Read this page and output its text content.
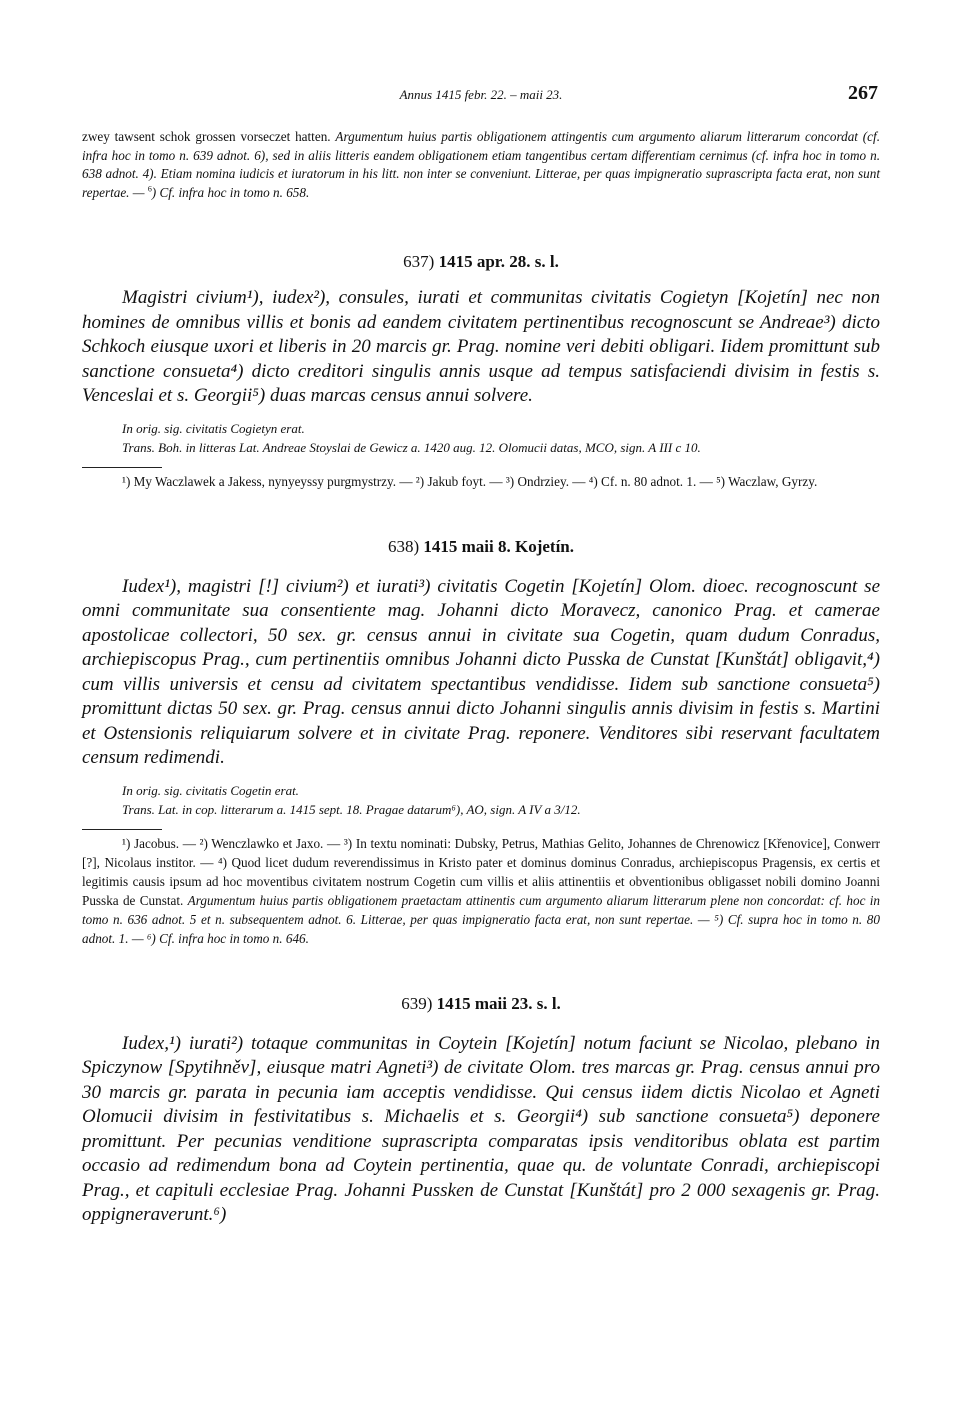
Annus 1415 febr. 22. – maii 23.	267

zwey tawsent schok grossen vorseczet hatten. Argumentum huius partis obligationem attingentis cum argumento aliarum litterarum concordat (cf. infra hoc in tomo n. 639 adnot. 6), sed in aliis litteris eandem obligationem etiam tangentibus certam differentiam cernimus (cf. infra hoc in tomo n. 638 adnot. 4). Etiam nomina iudicis et iuratorum in his litt. non inter se conveniunt. Litterae, per quas impigneratio suprascripta facta erat, non sunt repertae. — $^6$) Cf. infra hoc in tomo n. 658.

637) 1415 apr. 28. s. l.

Magistri civium¹), iudex²), consules, iurati et communitas civitatis Cogietyn [Kojetín] nec non homines de omnibus villis et bonis ad eandem civitatem pertinentibus recognoscunt se Andreae³) dicto Schkoch eiusque uxori et liberis in 20 marcis gr. Prag. nomine veri debiti obligari. Iidem promittunt sub sanctione consueta⁴) dicto creditori singulis annis usque ad tempus satisfaciendi divisim in festis s. Venceslai et s. Georgii⁵) duas marcas census annui solvere.

In orig. sig. civitatis Cogietyn erat.

Trans. Boh. in litteras Lat. Andreae Stoyslai de Gewicz a. 1420 aug. 12. Olomucii datas, MCO, sign. A III c 10.

¹) My Waczlawek a Jakess, nynyeyssy purgmystrzy. — ²) Jakub foyt. — ³) Ondrziey. — ⁴) Cf. n. 80 adnot. 1. — ⁵) Waczlaw, Gyrzy.

638) 1415 maii 8. Kojetín.

Iudex¹), magistri [!] civium²) et iurati³) civitatis Cogetin [Kojetín] Olom. dioec. recognoscunt se omni communitate sua consentiente mag. Johanni dicto Moravecz, canonico Prag. et camerae apostolicae collectori, 50 sex. gr. census annui in civitate sua Cogetin, quam dudum Conradus, archiepiscopus Prag., cum pertinentiis omnibus Johanni dicto Pusska de Cunstat [Kunštát] obligavit,⁴) cum villis universis et censu ad civitatem spectantibus vendidisse. Iidem sub sanctione consueta⁵) promittunt dictas 50 sex. gr. Prag. census annui dicto Johanni singulis annis divisim in festis s. Martini et Ostensionis reliquiarum solvere et in civitate Prag. reponere. Venditores sibi reservant facultatem censum redimendi.

In orig. sig. civitatis Cogetin erat.

Trans. Lat. in cop. litterarum a. 1415 sept. 18. Pragae datarum⁶), AO, sign. A IV a 3/12.

¹) Jacobus. — ²) Wenczlawko et Jaxo. — ³) In textu nominati: Dubsky, Petrus, Mathias Gelito, Johannes de Chrenowicz [Křenovice], Conwerr [?], Nicolaus institor. — ⁴) Quod licet dudum reverendissimus in Kristo pater et dominus dominus Conradus, archiepiscopus Pragensis, ex certis et legitimis causis ipsum ad hoc moventibus civitatem nostrum Cogetin cum villis et aliis attinentiis et obventionibus obligasset nobili domino Joanni Pusska de Cunstat. Argumentum huius partis obligationem praetactam attinentis cum argumento aliarum litterarum plene non concordat: cf. hoc in tomo n. 636 adnot. 5 et n. subsequentem adnot. 6. Litterae, per quas impigneratio facta erat, non sunt repertae. — ⁵) Cf. supra hoc in tomo n. 80 adnot. 1. — ⁶) Cf. infra hoc in tomo n. 646.

639) 1415 maii 23. s. l.

Iudex,¹) iurati²) totaque communitas in Coytein [Kojetín] notum faciunt se Nicolao, plebano in Spiczynow [Spytihněv], eiusque matri Agneti³) de civitate Olom. tres marcas gr. Prag. census annui pro 30 marcis gr. parata in pecunia iam acceptis vendidisse. Qui census iidem dictis Nicolao et Agneti Olomucii divisim in festivitatibus s. Michaelis et s. Georgii⁴) sub sanctione consueta⁵) deponere promittunt. Per pecunias venditione suprascripta comparatas ipsis venditoribus oblata est partim occasio ad redimendum bona ad Coytein pertinentia, quae qu. de voluntate Conradi, archiepiscopi Prag., et capituli ecclesiae Prag. Johanni Pussken de Cunstat [Kunštát] pro 2 000 sexagenis gr. Prag. oppigneraverunt.⁶)
